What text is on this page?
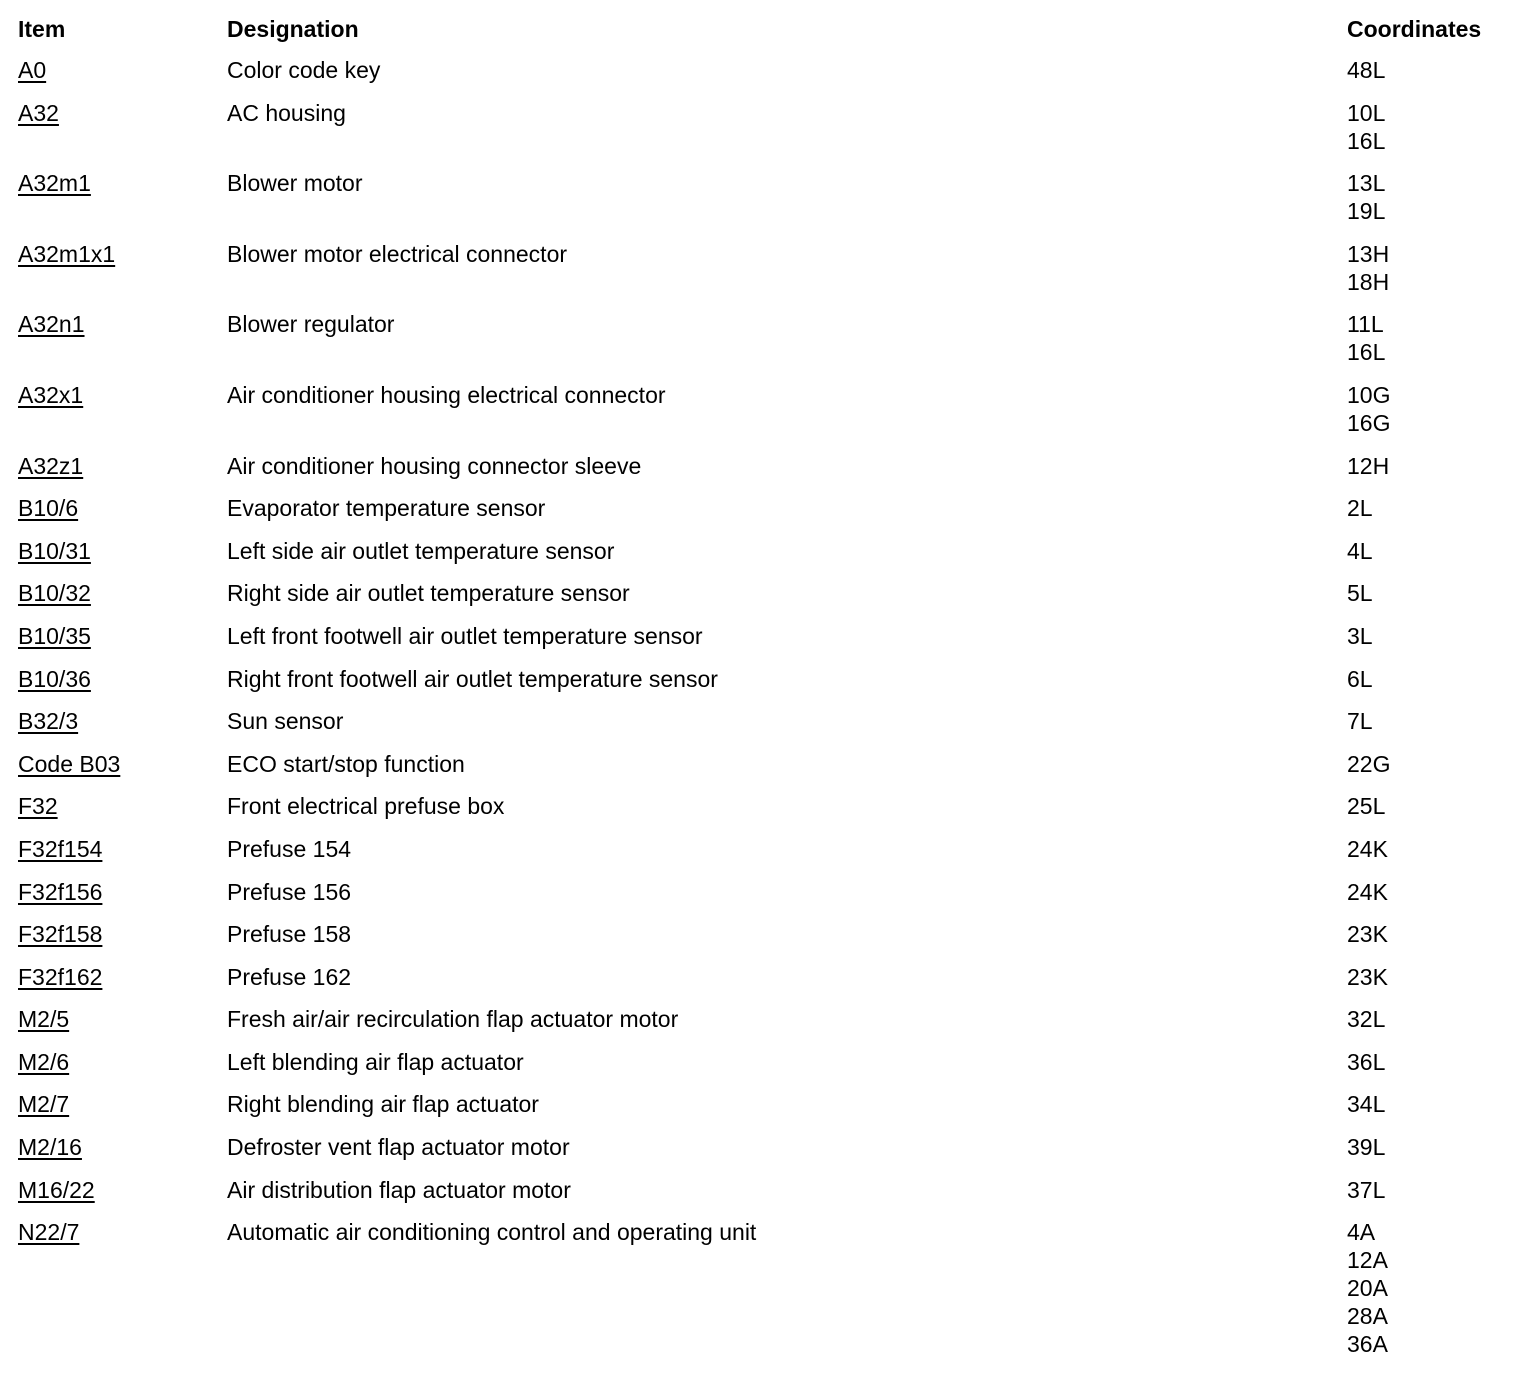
Item	Designation	Coordinates
A0	Color code key	48L
A32	AC housing	10L
16L
A32m1	Blower motor	13L
19L
A32m1x1	Blower motor electrical connector	13H
18H
A32n1	Blower regulator	11L
16L
A32x1	Air conditioner housing electrical connector	10G
16G
A32z1	Air conditioner housing connector sleeve	12H
B10/6	Evaporator temperature sensor	2L
B10/31	Left side air outlet temperature sensor	4L
B10/32	Right side air outlet temperature sensor	5L
B10/35	Left front footwell air outlet temperature sensor	3L
B10/36	Right front footwell air outlet temperature sensor	6L
B32/3	Sun sensor	7L
Code B03	ECO start/stop function	22G
F32	Front electrical prefuse box	25L
F32f154	Prefuse 154	24K
F32f156	Prefuse 156	24K
F32f158	Prefuse 158	23K
F32f162	Prefuse 162	23K
M2/5	Fresh air/air recirculation flap actuator motor	32L
M2/6	Left blending air flap actuator	36L
M2/7	Right blending air flap actuator	34L
M2/16	Defroster vent flap actuator motor	39L
M16/22	Air distribution flap actuator motor	37L
N22/7	Automatic air conditioning control and operating unit	4A
12A
20A
28A
36A
